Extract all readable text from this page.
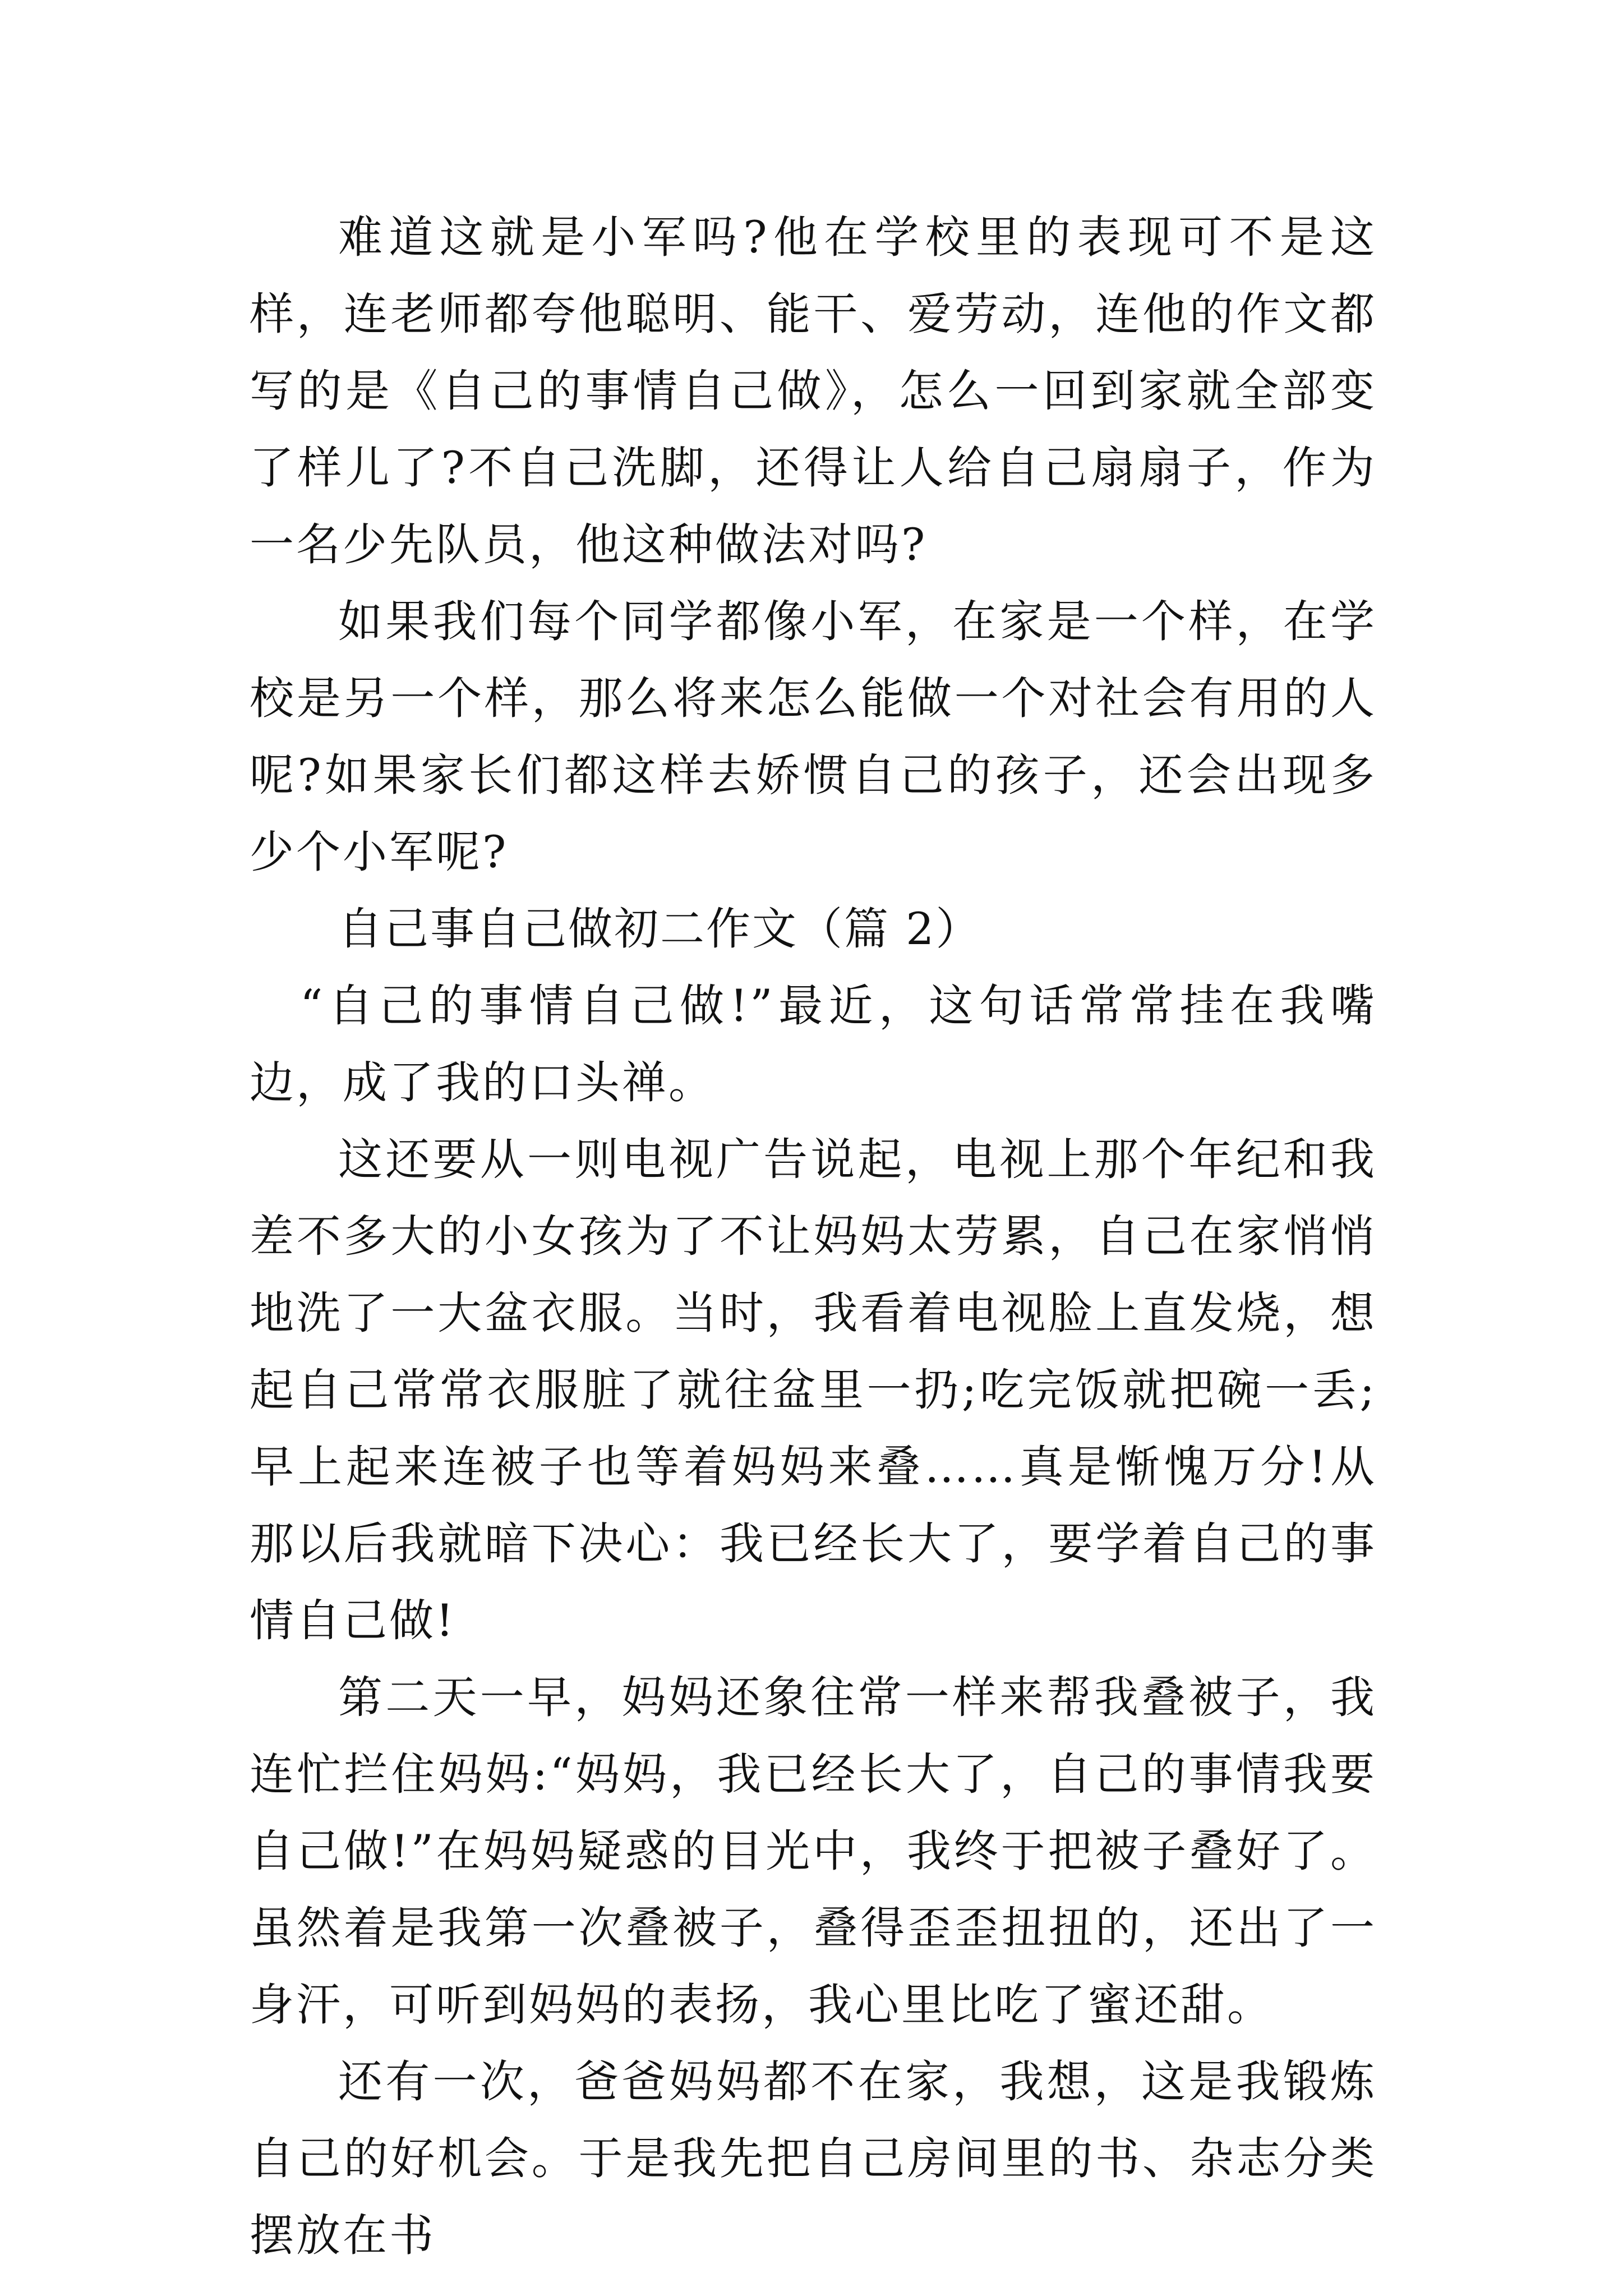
难道这就是小军吗?他在学校里的表现可不是这样，连老师都夸他聪明、能干、爱劳动，连他的作文都写的是《自己的事情自己做》，怎么一回到家就全部变了样儿了?不自己洗脚，还得让人给自己扇扇子，作为一名少先队员，他这种做法对吗?

如果我们每个同学都像小军，在家是一个样，在学校是另一个样，那么将来怎么能做一个对社会有用的人呢?如果家长们都这样去娇惯自己的孩子，还会出现多少个小军呢?

自己事自己做初二作文（篇 2）

“自己的事情自己做!”最近，这句话常常挂在我嘴边，成了我的口头禅。

这还要从一则电视广告说起，电视上那个年纪和我差不多大的小女孩为了不让妈妈太劳累，自己在家悄悄地洗了一大盆衣服。当时，我看着电视脸上直发烧，想起自己常常衣服脏了就往盆里一扔;吃完饭就把碗一丢;早上起来连被子也等着妈妈来叠……真是惭愧万分!从那以后我就暗下决心：我已经长大了，要学着自己的事情自己做!

第二天一早，妈妈还象往常一样来帮我叠被子，我连忙拦住妈妈:“妈妈，我已经长大了，自己的事情我要自己做!”在妈妈疑惑的目光中，我终于把被子叠好了。虽然着是我第一次叠被子，叠得歪歪扭扭的，还出了一身汗，可听到妈妈的表扬，我心里比吃了蜜还甜。

还有一次，爸爸妈妈都不在家，我想，这是我锻炼自己的好机会。于是我先把自己房间里的书、杂志分类摆放在书
